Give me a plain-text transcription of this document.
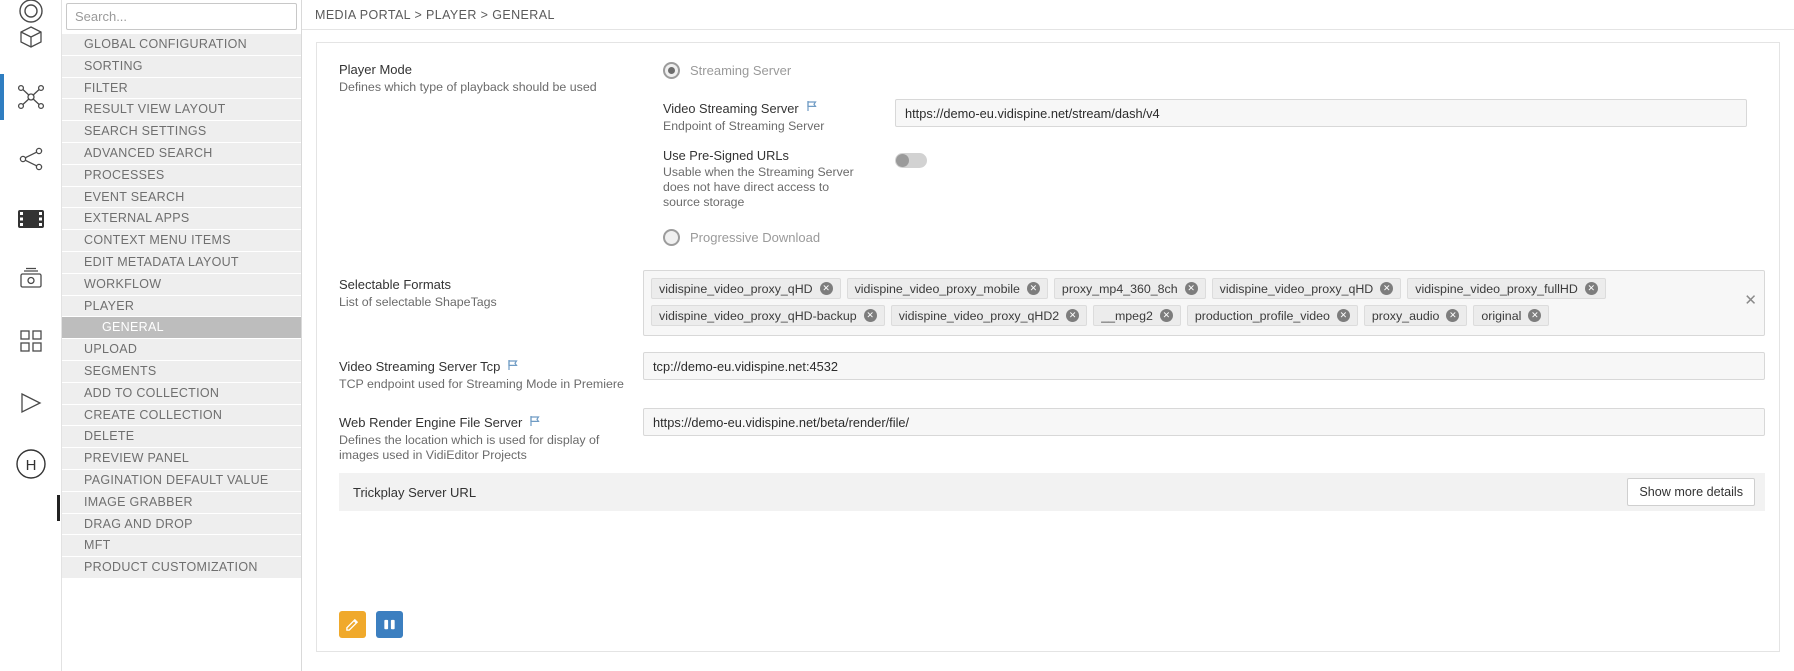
H
Search...
GLOBAL CONFIGURATION
SORTING
FILTER
RESULT VIEW LAYOUT
SEARCH SETTINGS
ADVANCED SEARCH
PROCESSES
EVENT SEARCH
EXTERNAL APPS
CONTEXT MENU ITEMS
EDIT METADATA LAYOUT
WORKFLOW
PLAYER
GENERAL
UPLOAD
SEGMENTS
ADD TO COLLECTION
CREATE COLLECTION
DELETE
PREVIEW PANEL
PAGINATION DEFAULT VALUE
IMAGE GRABBER
DRAG AND DROP
MFT
PRODUCT CUSTOMIZATION
MEDIA PORTAL > PLAYER > GENERAL
Player Mode
Defines which type of playback should be used
Streaming Server
Video Streaming Server
Endpoint of Streaming Server
https://demo-eu.vidispine.net/stream/dash/v4
Use Pre-Signed URLs
Usable when the Streaming Server does not have direct access to source storage
Progressive Download
Selectable Formats
List of selectable ShapeTags	✕
vidispine_video_proxy_qHD	✕ vidispine_video_proxy_mobile	✕ proxy_mp4_360_8ch	✕ vidispine_video_proxy_qHD	✕ vidispine_video_proxy_fullHD	✕
vidispine_video_proxy_qHD-backup	✕ vidispine_video_proxy_qHD2	✕ __mpeg2	✕ production_profile_video	✕ proxy_audio	✕ original	✕
Video Streaming Server Tcp
TCP endpoint used for Streaming Mode in Premiere
tcp://demo-eu.vidispine.net:4532
Web Render Engine File Server
Defines the location which is used for display of images used in VidiEditor Projects
https://demo-eu.vidispine.net/beta/render/file/
Trickplay Server URL	Show more details
